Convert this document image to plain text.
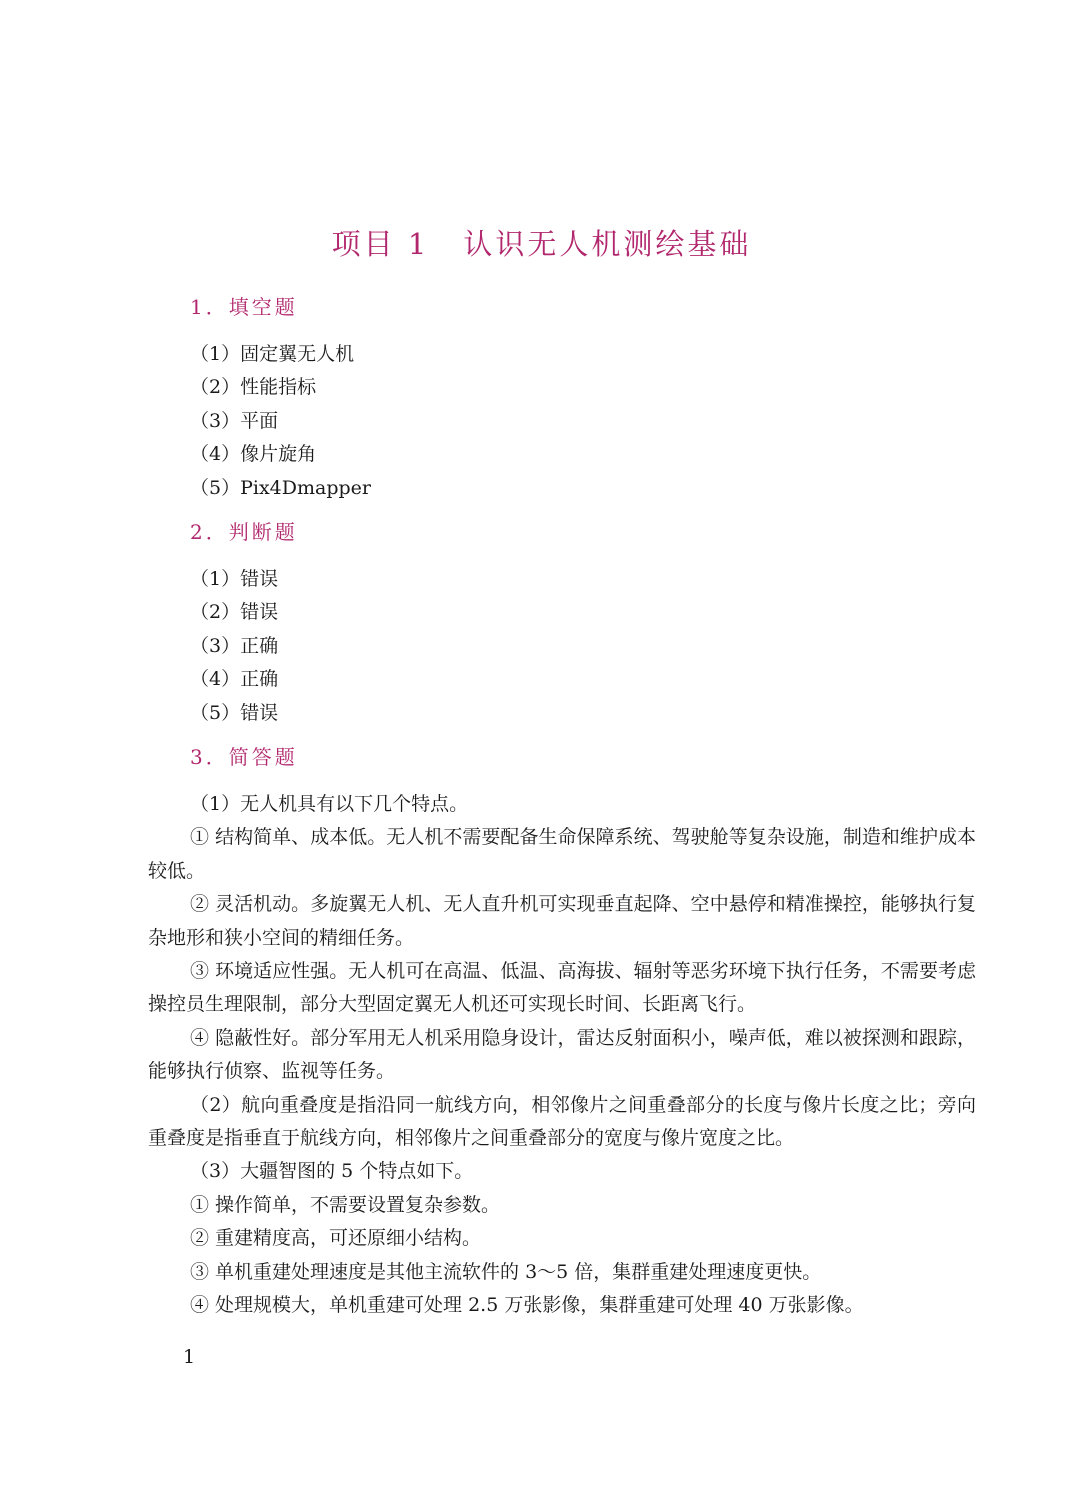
项目 1 认识无人机测绘基础
1．填空题
（1）固定翼无人机
（2）性能指标
（3）平面
（4）像片旋角
（5）Pix4Dmapper
2．判断题
（1）错误
（2）错误
（3）正确
（4）正确
（5）错误
3．简答题

（1）无人机具有以下几个特点。

① 结构简单、成本低。无人机不需要配备生命保障系统、驾驶舱等复杂设施，制造和维护成本较低。

② 灵活机动。多旋翼无人机、无人直升机可实现垂直起降、空中悬停和精准操控，能够执行复杂地形和狭小空间的精细任务。

③ 环境适应性强。无人机可在高温、低温、高海拔、辐射等恶劣环境下执行任务，不需要考虑操控员生理限制，部分大型固定翼无人机还可实现长时间、长距离飞行。

④ 隐蔽性好。部分军用无人机采用隐身设计，雷达反射面积小，噪声低，难以被探测和跟踪，能够执行侦察、监视等任务。

（2）航向重叠度是指沿同一航线方向，相邻像片之间重叠部分的长度与像片长度之比；旁向重叠度是指垂直于航线方向，相邻像片之间重叠部分的宽度与像片宽度之比。

（3）大疆智图的 5 个特点如下。

① 操作简单，不需要设置复杂参数。

② 重建精度高，可还原细小结构。

③ 单机重建处理速度是其他主流软件的 3～5 倍，集群重建处理速度更快。

④ 处理规模大，单机重建可处理 2.5 万张影像，集群重建可处理 40 万张影像。

1
